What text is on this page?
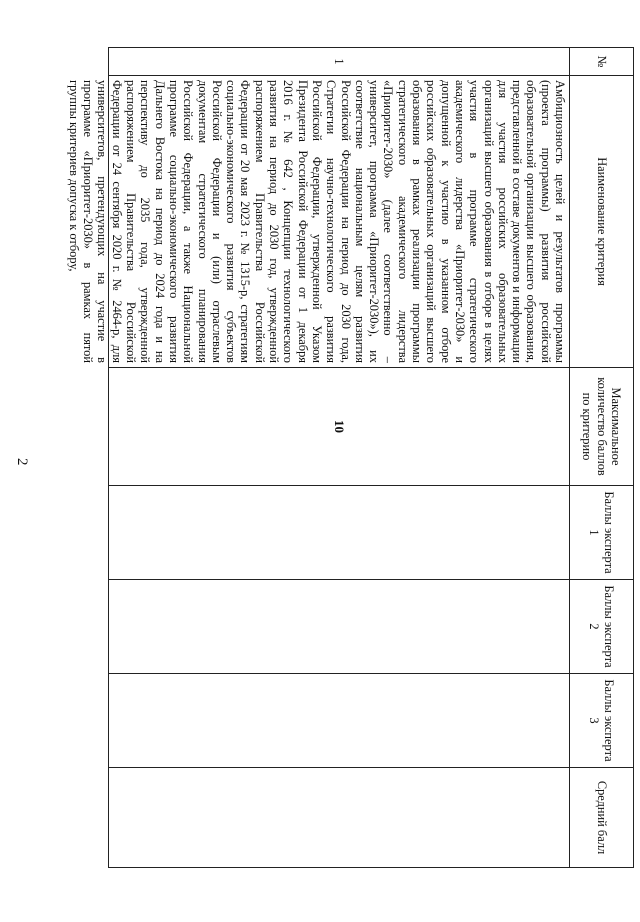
2
№	Наименование критерия	Максимальное количество баллов по критерию	Баллы эксперта 1	Баллы эксперта 2	Баллы эксперта 3	Средний балл
1	Амбициозность целей и результатов программы (проекта программы) развития российской образовательной организации высшего образования, представленной в составе документов и информации для участия российских образовательных организаций высшего образования в отборе в целях участия в программе стратегического академического лидерства «Приоритет-2030» и допущенной к участию в указанном отборе российских образовательных организаций высшего образования в рамках реализации программы стратегического академического лидерства «Приоритет-2030» (далее соответственно – университет, программа «Приоритет-2030»), их соответствие национальным целям развития Российской Федерации на период до 2030 года, Стратегии научно-технологического развития Российской Федерации, утвержденной Указом Президента Российской Федерации от 1 декабря 2016 г. № 642 , Концепции технологического развития на период до 2030 год, утвержденной распоряжением Правительства Российской Федерации от 20 мая 2023 г. № 1315-р, стратегиям социально-экономического развития субъектов Российской Федерации и (или) отраслевым документам стратегического планирования Российской Федерации, а также Национальной программе социально-экономического развития Дальнего Востока на период до 2024 года и на перспективу до 2035 года, утвержденной распоряжением Правительства Российской Федерации от 24 сентября 2020 г. № 2464-р, для университетов, претендующих на участие в программе «Приоритет-2030» в рамках пятой группы критериев допуска к отбору,	10				
